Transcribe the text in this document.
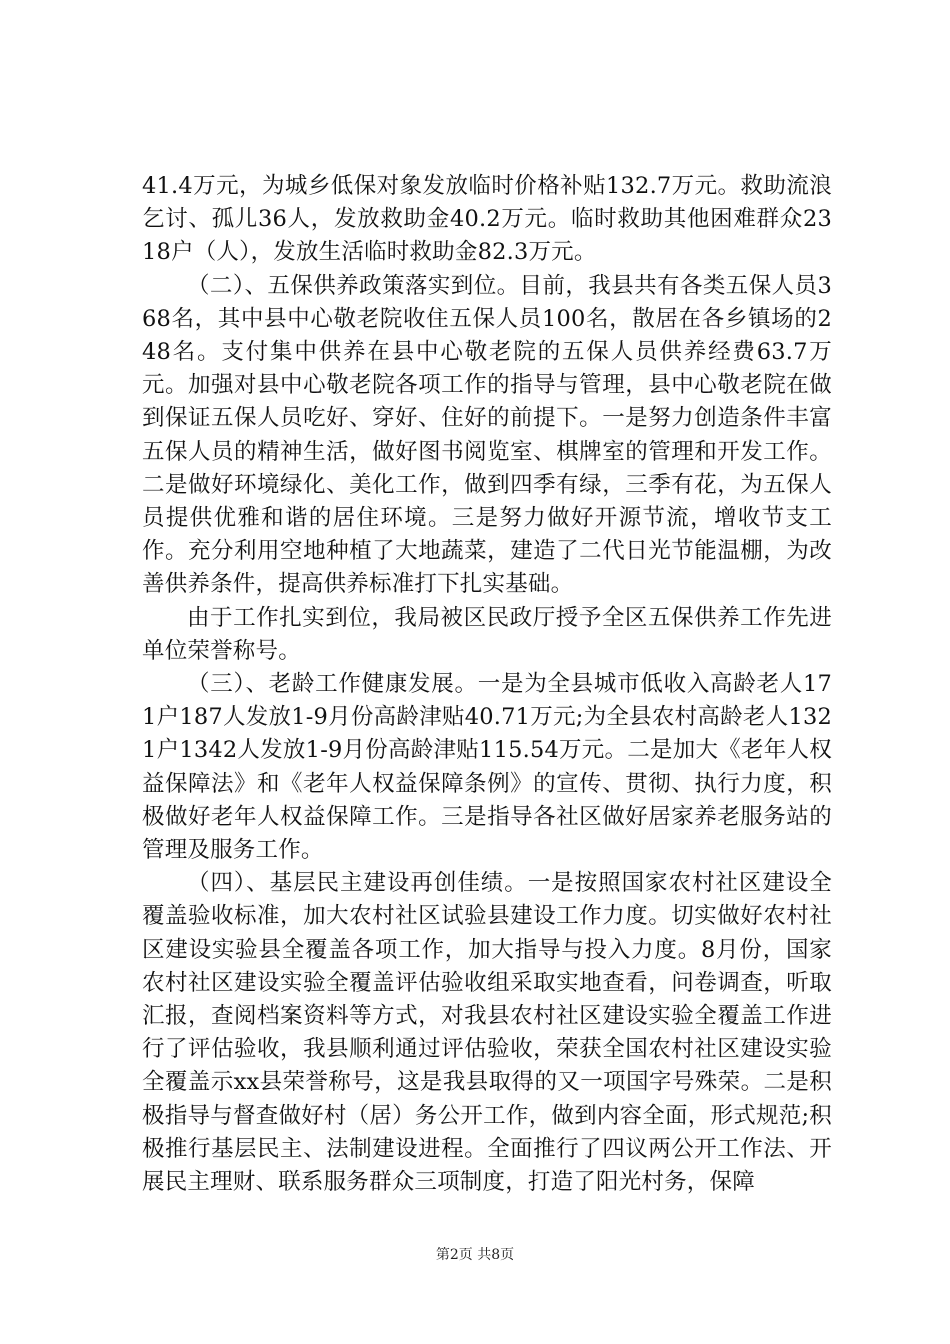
41.4万元，为城乡低保对象发放临时价格补贴132.7万元。救助流浪乞讨、孤儿36人，发放救助金40.2万元。临时救助其他困难群众2318户（人），发放生活临时救助金82.3万元。

（二）、五保供养政策落实到位。目前，我县共有各类五保人员368名，其中县中心敬老院收住五保人员100名，散居在各乡镇场的248名。支付集中供养在县中心敬老院的五保人员供养经费63.7万元。加强对县中心敬老院各项工作的指导与管理，县中心敬老院在做到保证五保人员吃好、穿好、住好的前提下。一是努力创造条件丰富五保人员的精神生活，做好图书阅览室、棋牌室的管理和开发工作。二是做好环境绿化、美化工作，做到四季有绿，三季有花，为五保人员提供优雅和谐的居住环境。三是努力做好开源节流，增收节支工作。充分利用空地种植了大地蔬菜，建造了二代日光节能温棚，为改善供养条件，提高供养标准打下扎实基础。

由于工作扎实到位，我局被区民政厅授予全区五保供养工作先进单位荣誉称号。

（三）、老龄工作健康发展。一是为全县城市低收入高龄老人171户187人发放1-9月份高龄津贴40.71万元;为全县农村高龄老人1321户1342人发放1-9月份高龄津贴115.54万元。二是加大《老年人权益保障法》和《老年人权益保障条例》的宣传、贯彻、执行力度，积极做好老年人权益保障工作。三是指导各社区做好居家养老服务站的管理及服务工作。

（四）、基层民主建设再创佳绩。一是按照国家农村社区建设全覆盖验收标准，加大农村社区试验县建设工作力度。切实做好农村社区建设实验县全覆盖各项工作，加大指导与投入力度。8月份，国家农村社区建设实验全覆盖评估验收组采取实地查看，问卷调查，听取汇报，查阅档案资料等方式，对我县农村社区建设实验全覆盖工作进行了评估验收，我县顺利通过评估验收，荣获全国农村社区建设实验全覆盖示xx县荣誉称号，这是我县取得的又一项国字号殊荣。二是积极指导与督查做好村（居）务公开工作，做到内容全面，形式规范;积极推行基层民主、法制建设进程。全面推行了四议两公开工作法、开展民主理财、联系服务群众三项制度，打造了阳光村务，保障

第2页 共8页
